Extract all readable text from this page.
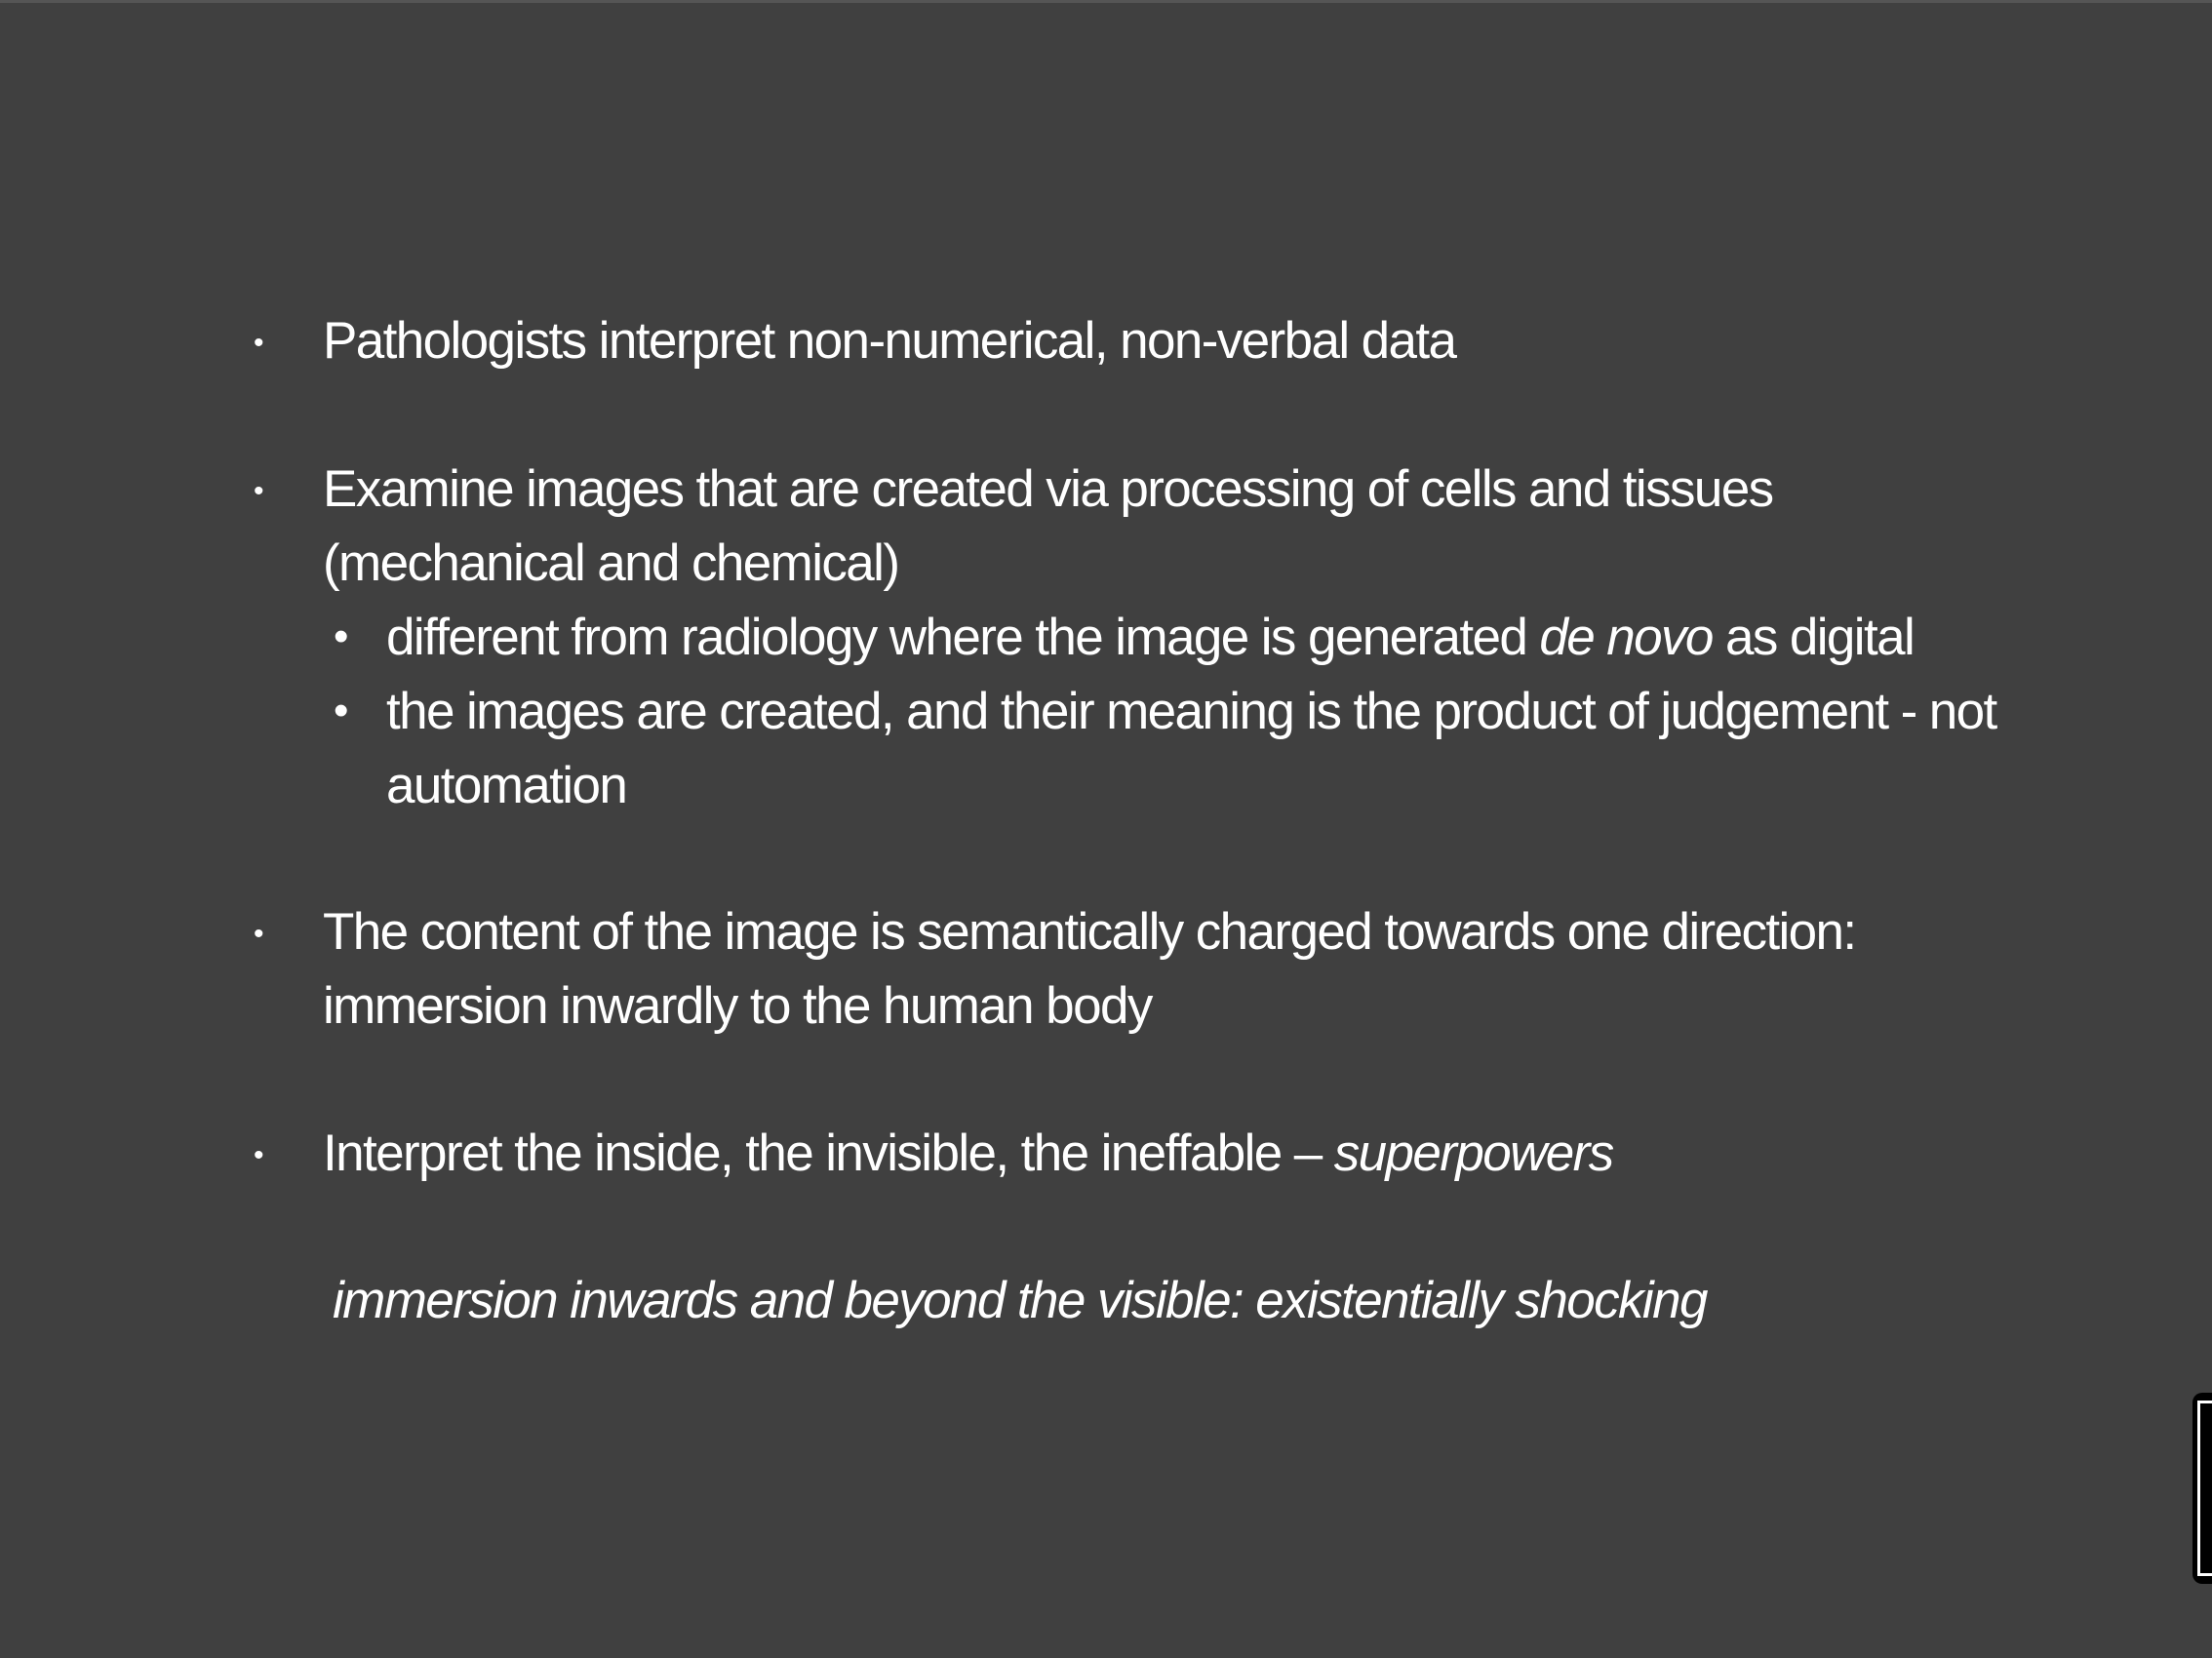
• Pathologists interpret non-numerical, non-verbal data
• Examine images that are created via processing of cells and tissues
(mechanical and chemical)
• different from radiology where the image is generated de novo as digital
• the images are created, and their meaning is the product of judgement - not
automation
• The content of the image is semantically charged towards one direction:
immersion inwardly to the human body
• Interpret the inside, the invisible, the ineffable – superpowers
immersion inwards and beyond the visible: existentially shocking
